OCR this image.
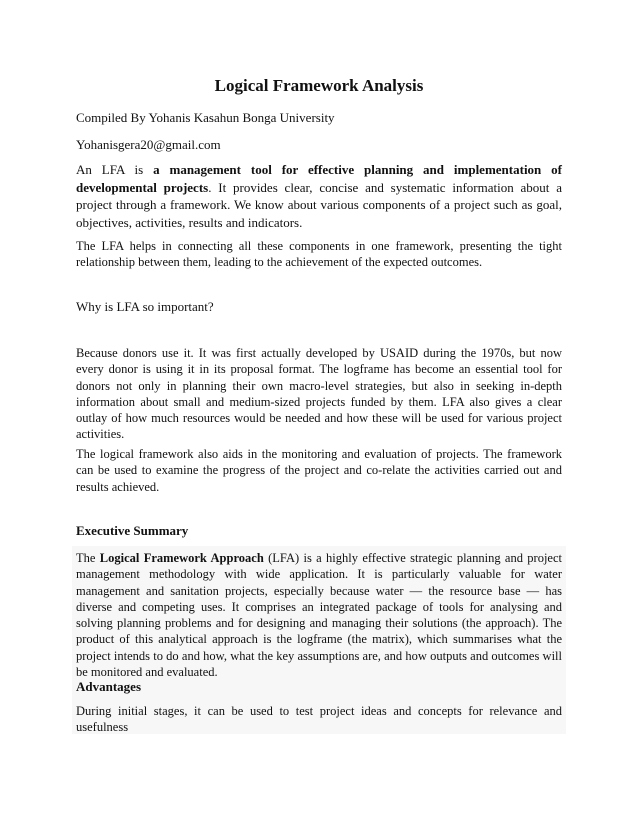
Logical Framework Analysis

Compiled By Yohanis Kasahun Bonga University

Yohanisgera20@gmail.com

An LFA is a management tool for effective planning and implementation of developmental projects. It provides clear, concise and systematic information about a project through a framework. We know about various components of a project such as goal, objectives, activities, results and indicators.

The LFA helps in connecting all these components in one framework, presenting the tight relationship between them, leading to the achievement of the expected outcomes.

Why is LFA so important?

Because donors use it. It was first actually developed by USAID during the 1970s, but now every donor is using it in its proposal format. The logframe has become an essential tool for donors not only in planning their own macro-level strategies, but also in seeking in-depth information about small and medium-sized projects funded by them. LFA also gives a clear outlay of how much resources would be needed and how these will be used for various project activities.

The logical framework also aids in the monitoring and evaluation of projects. The framework can be used to examine the progress of the project and co-relate the activities carried out and results achieved.

Executive Summary

The Logical Framework Approach (LFA) is a highly effective strategic planning and project management methodology with wide application. It is particularly valuable for water management and sanitation projects, especially because water — the resource base — has diverse and competing uses. It comprises an integrated package of tools for analysing and solving planning problems and for designing and managing their solutions (the approach). The product of this analytical approach is the logframe (the matrix), which summarises what the project intends to do and how, what the key assumptions are, and how outputs and outcomes will be monitored and evaluated.

Advantages

During initial stages, it can be used to test project ideas and concepts for relevance and usefulness
